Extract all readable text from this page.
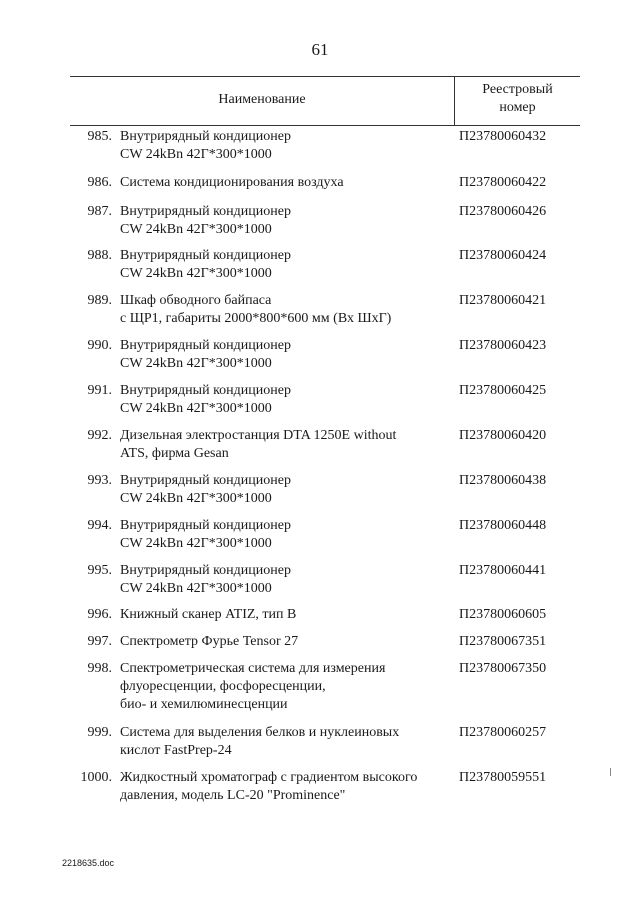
61
Наименование
Реестровый
номер
985. Внутрирядный кондиционер
CW 24kBn 42Г*300*1000
П23780060432
986. Система кондиционирования воздуха	П23780060422
987. Внутрирядный кондиционер
CW 24kBn 42Г*300*1000
П23780060426
988. Внутрирядный кондиционер
CW 24kBn 42Г*300*1000
П23780060424
989. Шкаф обводного байпаса
с ЩР1, габариты 2000*800*600 мм (Вх ШхГ)
П23780060421
990. Внутрирядный кондиционер
CW 24kBn 42Г*300*1000
П23780060423
991. Внутрирядный кондиционер
CW 24kBn 42Г*300*1000
П23780060425
992. Дизельная электростанция DTA 1250E without
ATS, фирма Gesan
П23780060420
993. Внутрирядный кондиционер
CW 24kBn 42Г*300*1000
П23780060438
994. Внутрирядный кондиционер
CW 24kBn 42Г*300*1000
П23780060448
995. Внутрирядный кондиционер
CW 24kBn 42Г*300*1000
П23780060441
996. Книжный сканер ATIZ, тип B	П23780060605
997. Спектрометр Фурье Tensor 27	П23780067351
998. Спектрометрическая система для измерения
флуоресценции, фосфоресценции,
био- и хемилюминесценции
П23780067350
999. Система для выделения белков и нуклеиновых
кислот FastPrep-24
П23780060257
1000. Жидкостный хроматограф с градиентом высокого
давления, модель LC-20 "Prominence"
П23780059551
2218635.doc
